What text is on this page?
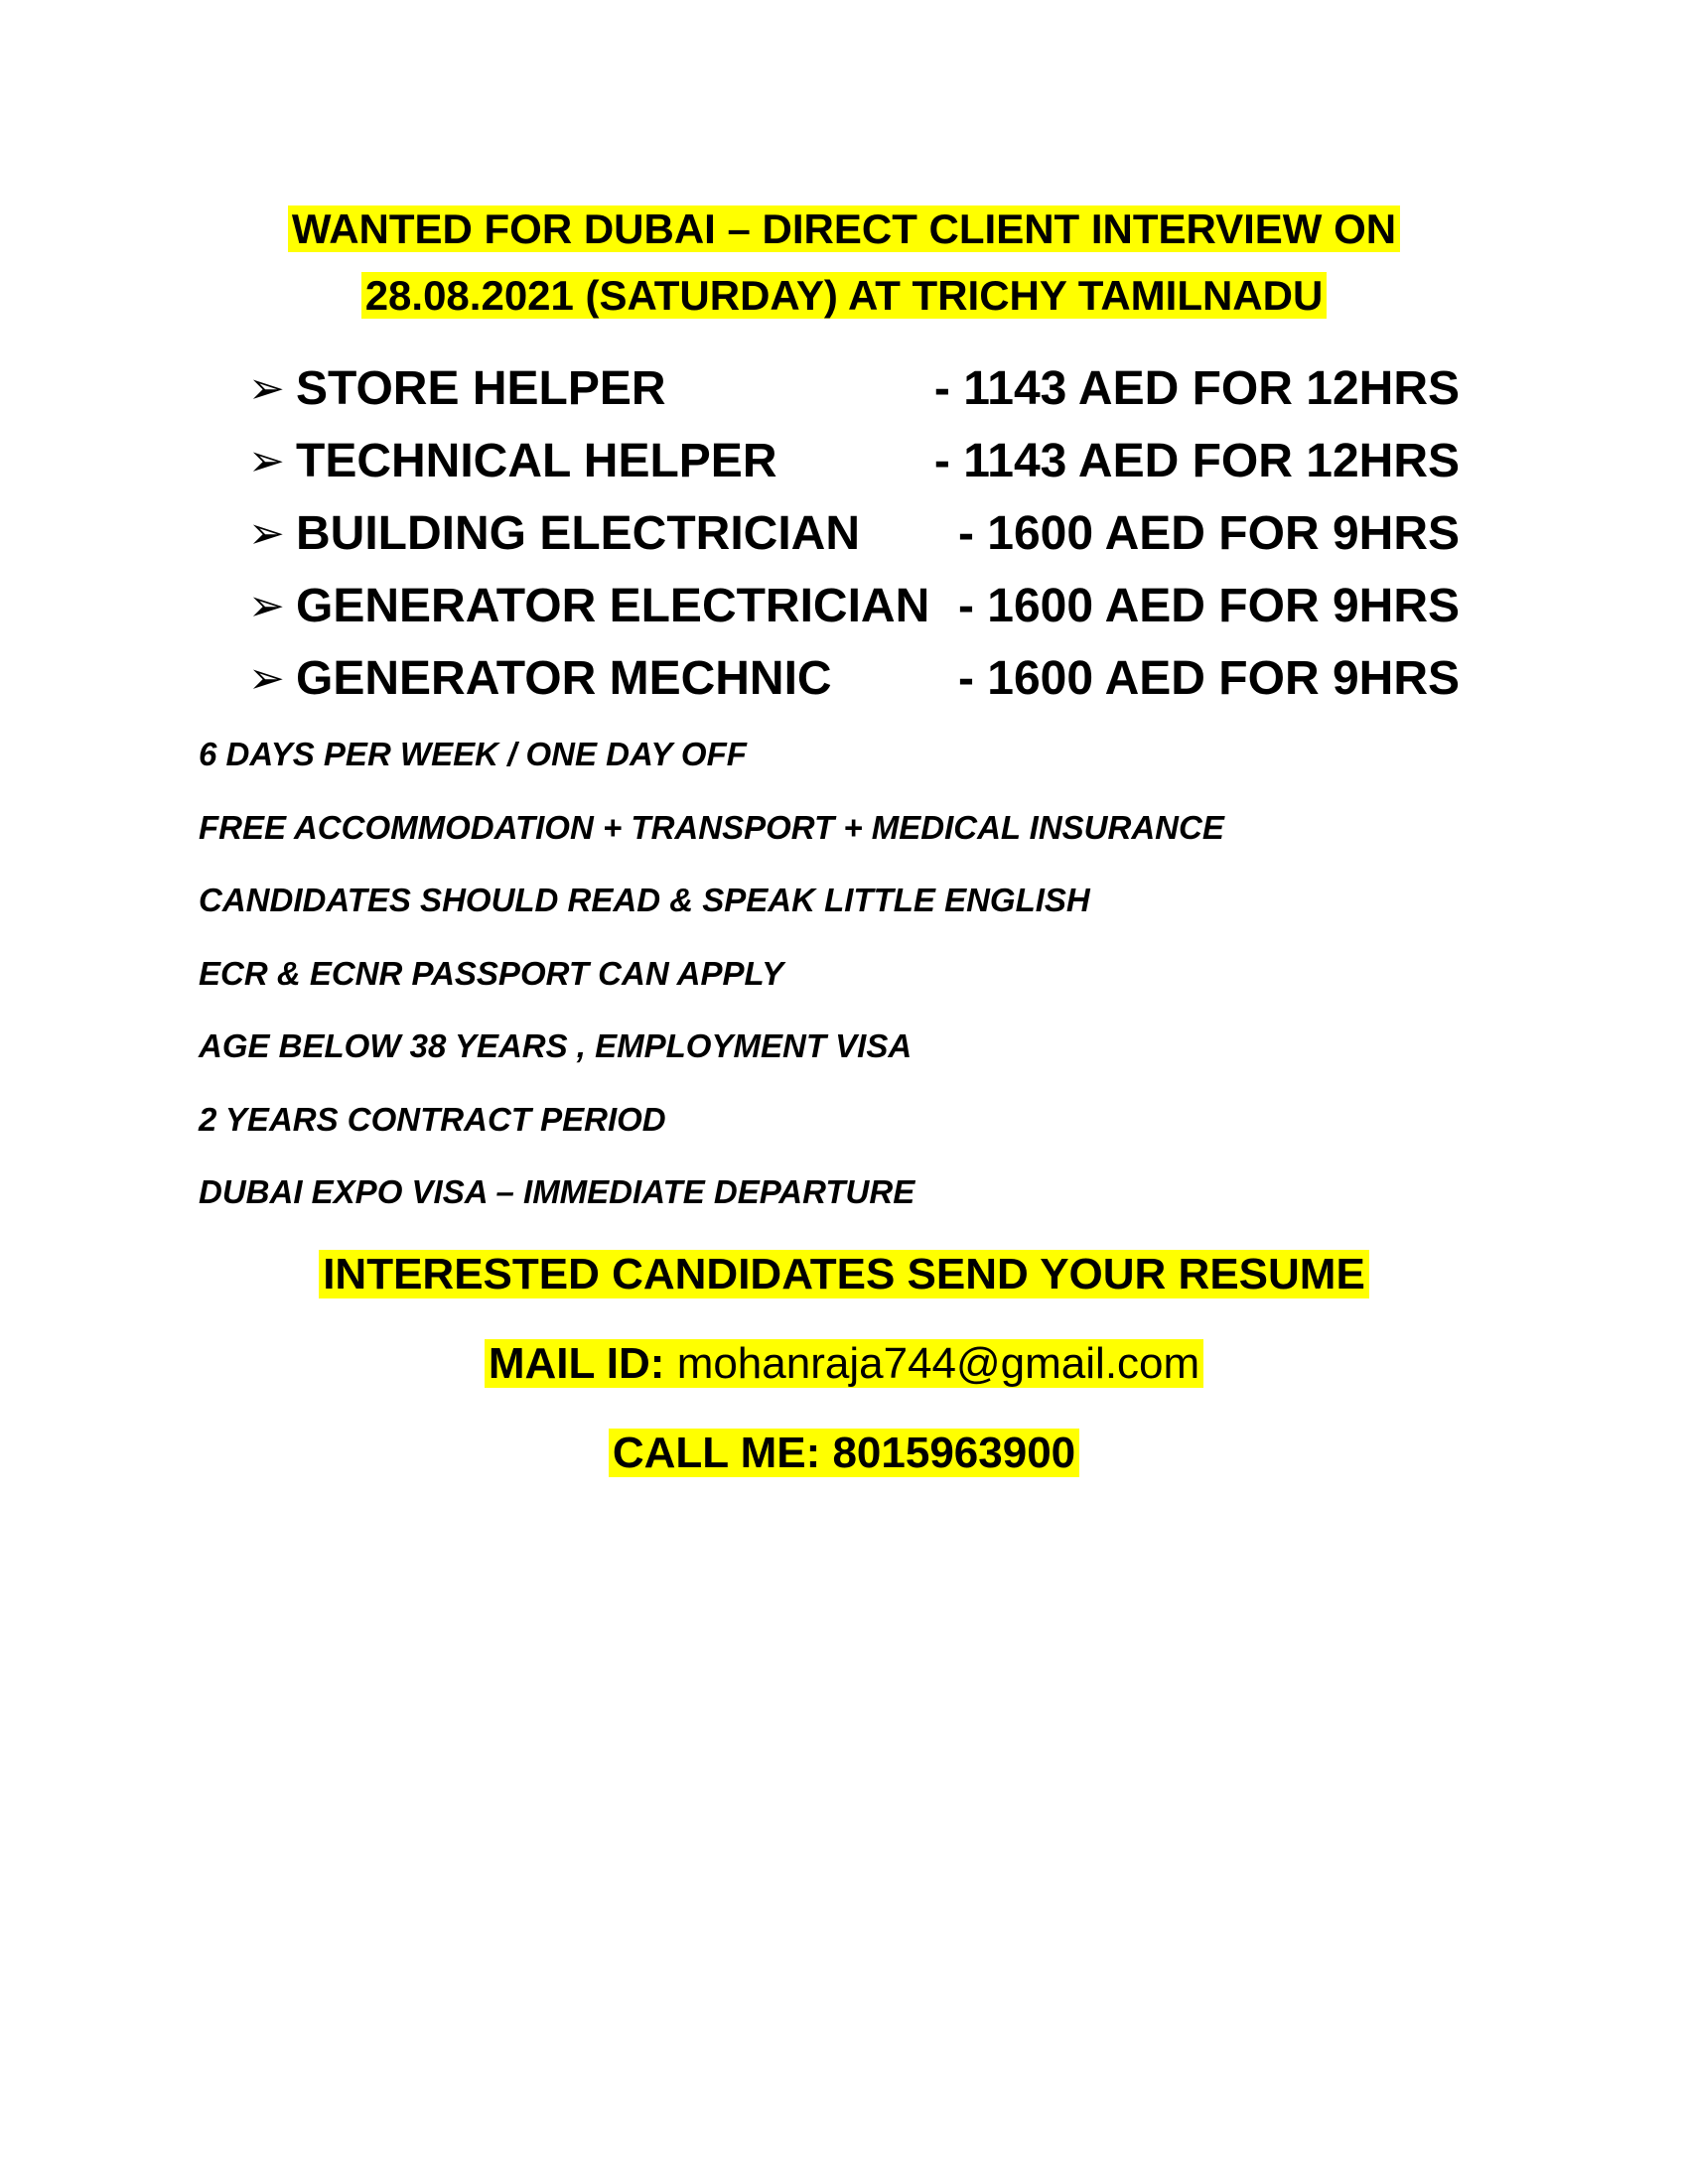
WANTED FOR DUBAI – DIRECT CLIENT INTERVIEW ON
28.08.2021 (SATURDAY) AT TRICHY TAMILNADU
➢ STORE HELPER	- 1143 AED FOR 12HRS
➢ TECHNICAL HELPER	- 1143 AED FOR 12HRS
➢ BUILDING ELECTRICIAN - 1600 AED FOR 9HRS
➢ GENERATOR ELECTRICIAN - 1600 AED FOR 9HRS
➢ GENERATOR MECHNIC	- 1600 AED FOR 9HRS
6 DAYS PER WEEK / ONE DAY OFF
FREE ACCOMMODATION + TRANSPORT + MEDICAL INSURANCE
CANDIDATES SHOULD READ & SPEAK LITTLE ENGLISH
ECR & ECNR PASSPORT CAN APPLY
AGE BELOW 38 YEARS , EMPLOYMENT VISA
2 YEARS CONTRACT PERIOD
DUBAI EXPO VISA – IMMEDIATE DEPARTURE
INTERESTED CANDIDATES SEND YOUR RESUME
MAIL ID: mohanraja744@gmail.com
CALL ME: 8015963900
